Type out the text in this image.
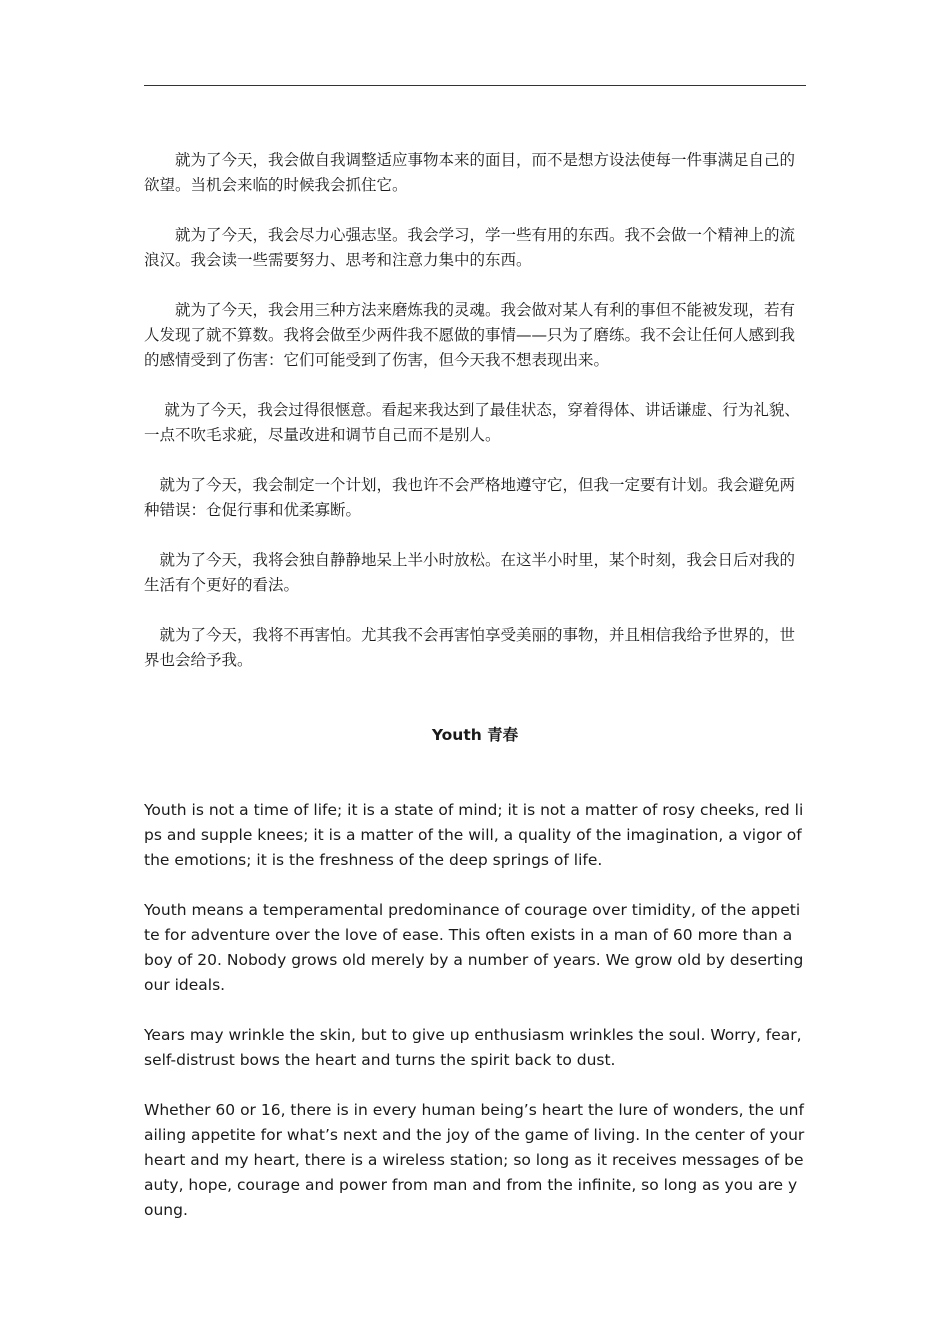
　　就为了今天，我会做自我调整适应事物本来的面目，而不是想方设法使每一件事满足自己的欲望。当机会来临的时候我会抓住它。

　　就为了今天，我会尽力心强志坚。我会学习，学一些有用的东西。我不会做一个精神上的流浪汉。我会读一些需要努力、思考和注意力集中的东西。

　　就为了今天，我会用三种方法来磨炼我的灵魂。我会做对某人有利的事但不能被发现，若有人发现了就不算数。我将会做至少两件我不愿做的事情——只为了磨练。我不会让任何人感到我的感情受到了伤害：它们可能受到了伤害，但今天我不想表现出来。

　 就为了今天，我会过得很惬意。看起来我达到了最佳状态，穿着得体、讲话谦虚、行为礼貌、一点不吹毛求疵，尽量改进和调节自己而不是别人。

　就为了今天，我会制定一个计划，我也许不会严格地遵守它，但我一定要有计划。我会避免两种错误：仓促行事和优柔寡断。

　就为了今天，我将会独自静静地呆上半小时放松。在这半小时里，某个时刻，我会日后对我的生活有个更好的看法。

　就为了今天，我将不再害怕。尤其我不会再害怕享受美丽的事物，并且相信我给予世界的，世界也会给予我。

Youth 青春

Youth is not a time of life; it is a state of mind; it is not a matter of rosy cheeks, red lips and supple knees; it is a matter of the will, a quality of the imagination, a vigor of the emotions; it is the freshness of the deep springs of life.

Youth means a temperamental predominance of courage over timidity, of the appetite for adventure over the love of ease. This often exists in a man of 60 more than a boy of 20. Nobody grows old merely by a number of years. We grow old by deserting our ideals.

Years may wrinkle the skin, but to give up enthusiasm wrinkles the soul. Worry, fear, self-distrust bows the heart and turns the spirit back to dust.

Whether 60 or 16, there is in every human being’s heart the lure of wonders, the unfailing appetite for what’s next and the joy of the game of living. In the center of your heart and my heart, there is a wireless station; so long as it receives messages of beauty, hope, courage and power from man and from the infinite, so long as you are young.
